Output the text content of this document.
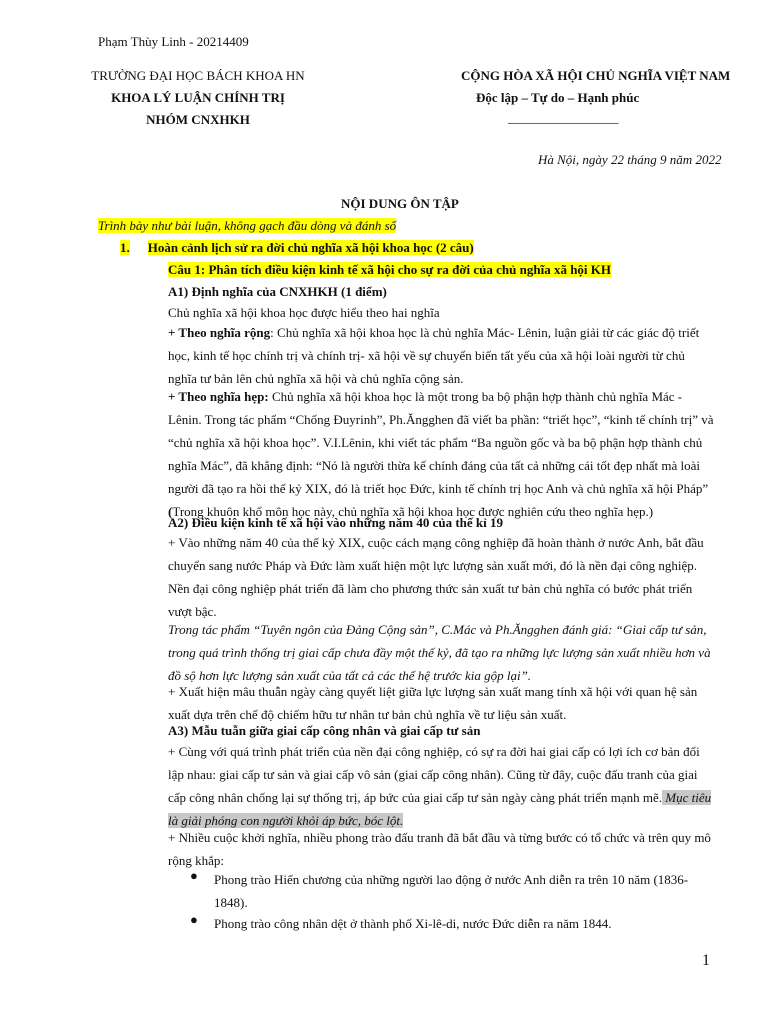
Phạm Thùy Linh - 20214409
TRƯỜNG ĐẠI HỌC BÁCH KHOA HN
KHOA LÝ LUẬN CHÍNH TRỊ
NHÓM CNXHKH
CỘNG HÒA XÃ HỘI CHỦ NGHĨA VIỆT NAM
Độc lập – Tự do – Hạnh phúc
_________________
Hà Nội, ngày 22 tháng 9 năm 2022
NỘI DUNG ÔN TẬP
Trình bày như bài luận, không gạch đầu dòng và đánh số
1. Hoàn cảnh lịch sử ra đời chủ nghĩa xã hội khoa học (2 câu)
Câu 1: Phân tích điều kiện kinh tế xã hội cho sự ra đời của chủ nghĩa xã hội KH
A1) Định nghĩa của CNXHKH (1 điểm)
Chủ nghĩa xã hội khoa học được hiểu theo hai nghĩa
+ Theo nghĩa rộng: Chủ nghĩa xã hội khoa học là chủ nghĩa Mác- Lênin, luận giải từ các giác độ triết
học, kinh tế học chính trị và chính trị- xã hội về sự chuyển biến tất yếu của xã hội loài người từ chủ
nghĩa tư bản lên chủ nghĩa xã hội và chủ nghĩa cộng sản.
+ Theo nghĩa hẹp: Chủ nghĩa xã hội khoa học là một trong ba bộ phận hợp thành chủ nghĩa Mác -
Lênin. Trong tác phẩm “Chống Đuyrinh”, Ph.Ăngghen đã viết ba phần: “triết học”, “kinh tế chính trị” và
“chủ nghĩa xã hội khoa học”. V.I.Lênin, khi viết tác phẩm “Ba nguồn gốc và ba bộ phận hợp thành chủ
nghĩa Mác”, đã khẳng định: “Nó là người thừa kế chính đáng của tất cả những cái tốt đẹp nhất mà loài
người đã tạo ra hồi thế kỷ XIX, đó là triết học Đức, kinh tế chính trị học Anh và chủ nghĩa xã hội Pháp”
(Trong khuôn khổ môn học này, chủ nghĩa xã hội khoa học được nghiên cứu theo nghĩa hẹp.)
A2) Điều kiện kinh tế xã hội vào những năm 40 của thế kỉ 19
+ Vào những năm 40 của thế kỷ XIX, cuộc cách mạng công nghiệp đã hoàn thành ở nước Anh, bắt đầu
chuyển sang nước Pháp và Đức làm xuất hiện một lực lượng sản xuất mới, đó là nền đại công nghiệp.
Nền đại công nghiệp phát triển đã làm cho phương thức sản xuất tư bản chủ nghĩa có bước phát triển
vượt bậc.
Trong tác phẩm “Tuyên ngôn của Đảng Cộng sản”, C.Mác và Ph.Ăngghen đánh giá: “Giai cấp tư sản,
trong quá trình thống trị giai cấp chưa đầy một thế kỷ, đã tạo ra những lực lượng sản xuất nhiều hơn và
đồ sộ hơn lực lượng sản xuất của tất cả các thế hệ trước kia gộp lại”.
+ Xuất hiện mâu thuẫn ngày càng quyết liệt giữa lực lượng sản xuất mang tính xã hội với quan hệ sản
xuất dựa trên chế độ chiếm hữu tư nhân tư bản chủ nghĩa về tư liệu sản xuất.
A3) Mẫu tuẫn giữa giai cấp công nhân và giai cấp tư sản
+ Cùng với quá trình phát triển của nền đại công nghiệp, có sự ra đời hai giai cấp có lợi ích cơ bản đối
lập nhau: giai cấp tư sản và giai cấp vô sản (giai cấp công nhân). Cũng từ đây, cuộc đấu tranh của giai
cấp công nhân chống lại sự thống trị, áp bức của giai cấp tư sản ngày càng phát triển mạnh mẽ. Mục tiêu
là giải phóng con người khỏi áp bức, bóc lột.
+ Nhiều cuộc khởi nghĩa, nhiều phong trào đấu tranh đã bắt đầu và từng bước có tổ chức và trên quy mô
rộng khắp:
● Phong trào Hiến chương của những người lao động ở nước Anh diễn ra trên 10 năm (1836-
1848).
● Phong trào công nhân dệt ở thành phố Xi-lê-di, nước Đức diễn ra năm 1844.
1
